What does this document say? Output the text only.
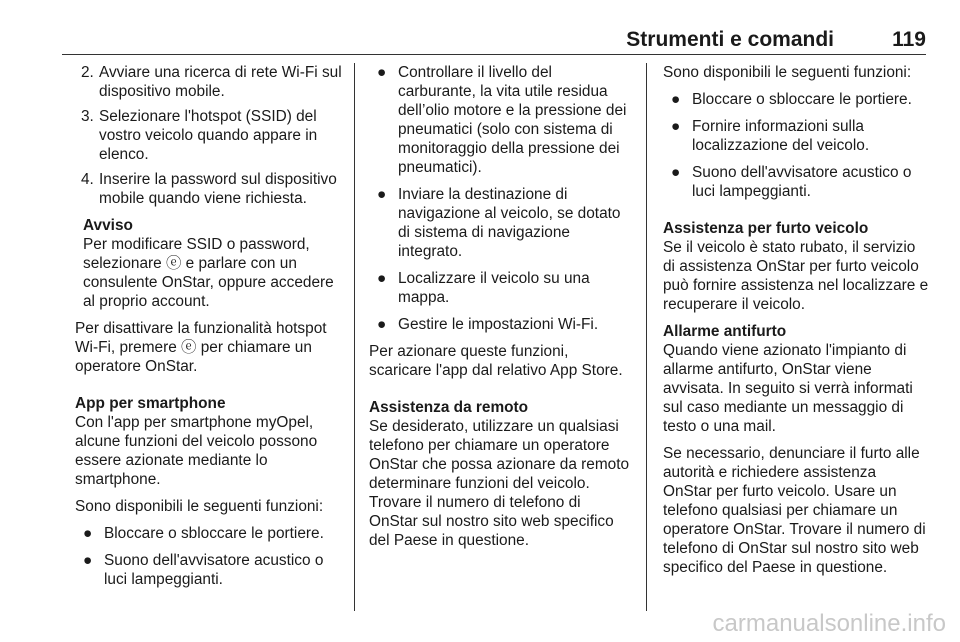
Strumenti e comandi	119
2. Avviare una ricerca di rete Wi-Fi sul dispositivo mobile.
3. Selezionare l'hotspot (SSID) del vostro veicolo quando appare in elenco.
4. Inserire la password sul dispositivo mobile quando viene richiesta.
Avviso
Per modificare SSID o password, selezionare ⓔ e parlare con un consulente OnStar, oppure accedere al proprio account.

Per disattivare la funzionalità hotspot Wi-Fi, premere ⓔ per chiamare un operatore OnStar.

App per smartphone

Con l'app per smartphone myOpel, alcune funzioni del veicolo possono essere azionate mediante lo smartphone.

Sono disponibili le seguenti funzioni:

● Bloccare o sbloccare le portiere.
● Suono dell'avvisatore acustico o luci lampeggianti.
● Controllare il livello del carburante, la vita utile residua dell’olio motore e la pressione dei pneumatici (solo con sistema di monitoraggio della pressione dei pneumatici).
● Inviare la destinazione di navigazione al veicolo, se dotato di sistema di navigazione integrato.
● Localizzare il veicolo su una mappa.
● Gestire le impostazioni Wi-Fi.

Per azionare queste funzioni, scaricare l'app dal relativo App Store.

Assistenza da remoto

Se desiderato, utilizzare un qualsiasi telefono per chiamare un operatore OnStar che possa azionare da remoto determinare funzioni del veicolo. Trovare il numero di telefono di OnStar sul nostro sito web specifico del Paese in questione.

Sono disponibili le seguenti funzioni:

● Bloccare o sbloccare le portiere.
● Fornire informazioni sulla localizzazione del veicolo.
● Suono dell'avvisatore acustico o luci lampeggianti.
Assistenza per furto veicolo

Se il veicolo è stato rubato, il servizio di assistenza OnStar per furto veicolo può fornire assistenza nel localizzare e recuperare il veicolo.

Allarme antifurto

Quando viene azionato l'impianto di allarme antifurto, OnStar viene avvisata. In seguito si verrà informati sul caso mediante un messaggio di testo o una mail.

Se necessario, denunciare il furto alle autorità e richiedere assistenza OnStar per furto veicolo. Usare un telefono qualsiasi per chiamare un operatore OnStar. Trovare il numero di telefono di OnStar sul nostro sito web specifico del Paese in questione.

carmanualsonline.info
